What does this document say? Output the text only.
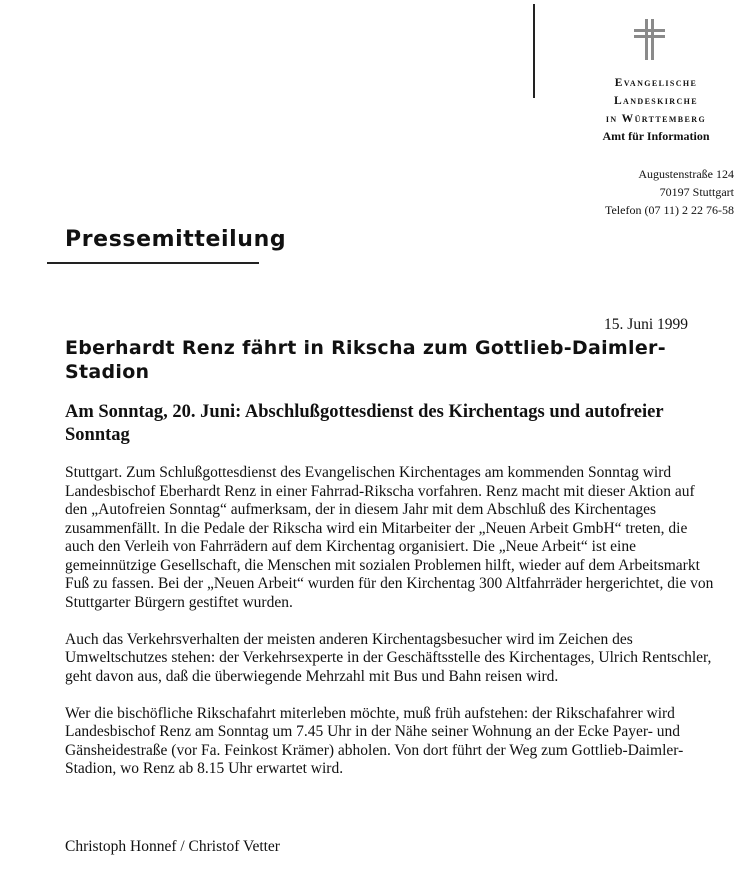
Evangelische
Landeskirche
in Württemberg
Amt für Information
Augustenstraße 124
70197 Stuttgart
Telefon (07 11) 2 22 76-58
Pressemitteilung
15. Juni 1999
Eberhardt Renz fährt in Rikscha zum Gottlieb-Daimler-Stadion
Am Sonntag, 20. Juni: Abschlußgottesdienst des Kirchentags und autofreier Sonntag

Stuttgart. Zum Schlußgottesdienst des Evangelischen Kirchentages am kommenden Sonntag wird Landesbischof Eberhardt Renz in einer Fahrrad-Rikscha vorfahren. Renz macht mit dieser Aktion auf den „Autofreien Sonntag“ aufmerksam, der in diesem Jahr mit dem Abschluß des Kirchentages zusammenfällt. In die Pedale der Rikscha wird ein Mitarbeiter der „Neuen Arbeit GmbH“ treten, die auch den Verleih von Fahrrädern auf dem Kirchentag organisiert. Die „Neue Arbeit“ ist eine gemeinnützige Gesellschaft, die Menschen mit sozialen Problemen hilft, wieder auf dem Arbeitsmarkt Fuß zu fassen. Bei der „Neuen Arbeit“ wurden für den Kirchentag 300 Altfahrräder hergerichtet, die von Stuttgarter Bürgern gestiftet wurden.

Auch das Verkehrsverhalten der meisten anderen Kirchentagsbesucher wird im Zeichen des Umweltschutzes stehen: der Verkehrsexperte in der Geschäftsstelle des Kirchentages, Ulrich Rentschler, geht davon aus, daß die überwiegende Mehrzahl mit Bus und Bahn reisen wird.

Wer die bischöfliche Rikschafahrt miterleben möchte, muß früh aufstehen: der Rikschafahrer wird Landesbischof Renz am Sonntag um 7.45 Uhr in der Nähe seiner Wohnung an der Ecke Payer- und Gänsheidestraße (vor Fa. Feinkost Krämer) abholen. Von dort führt der Weg zum Gottlieb-Daimler-Stadion, wo Renz ab 8.15 Uhr erwartet wird.

Christoph Honnef / Christof Vetter
